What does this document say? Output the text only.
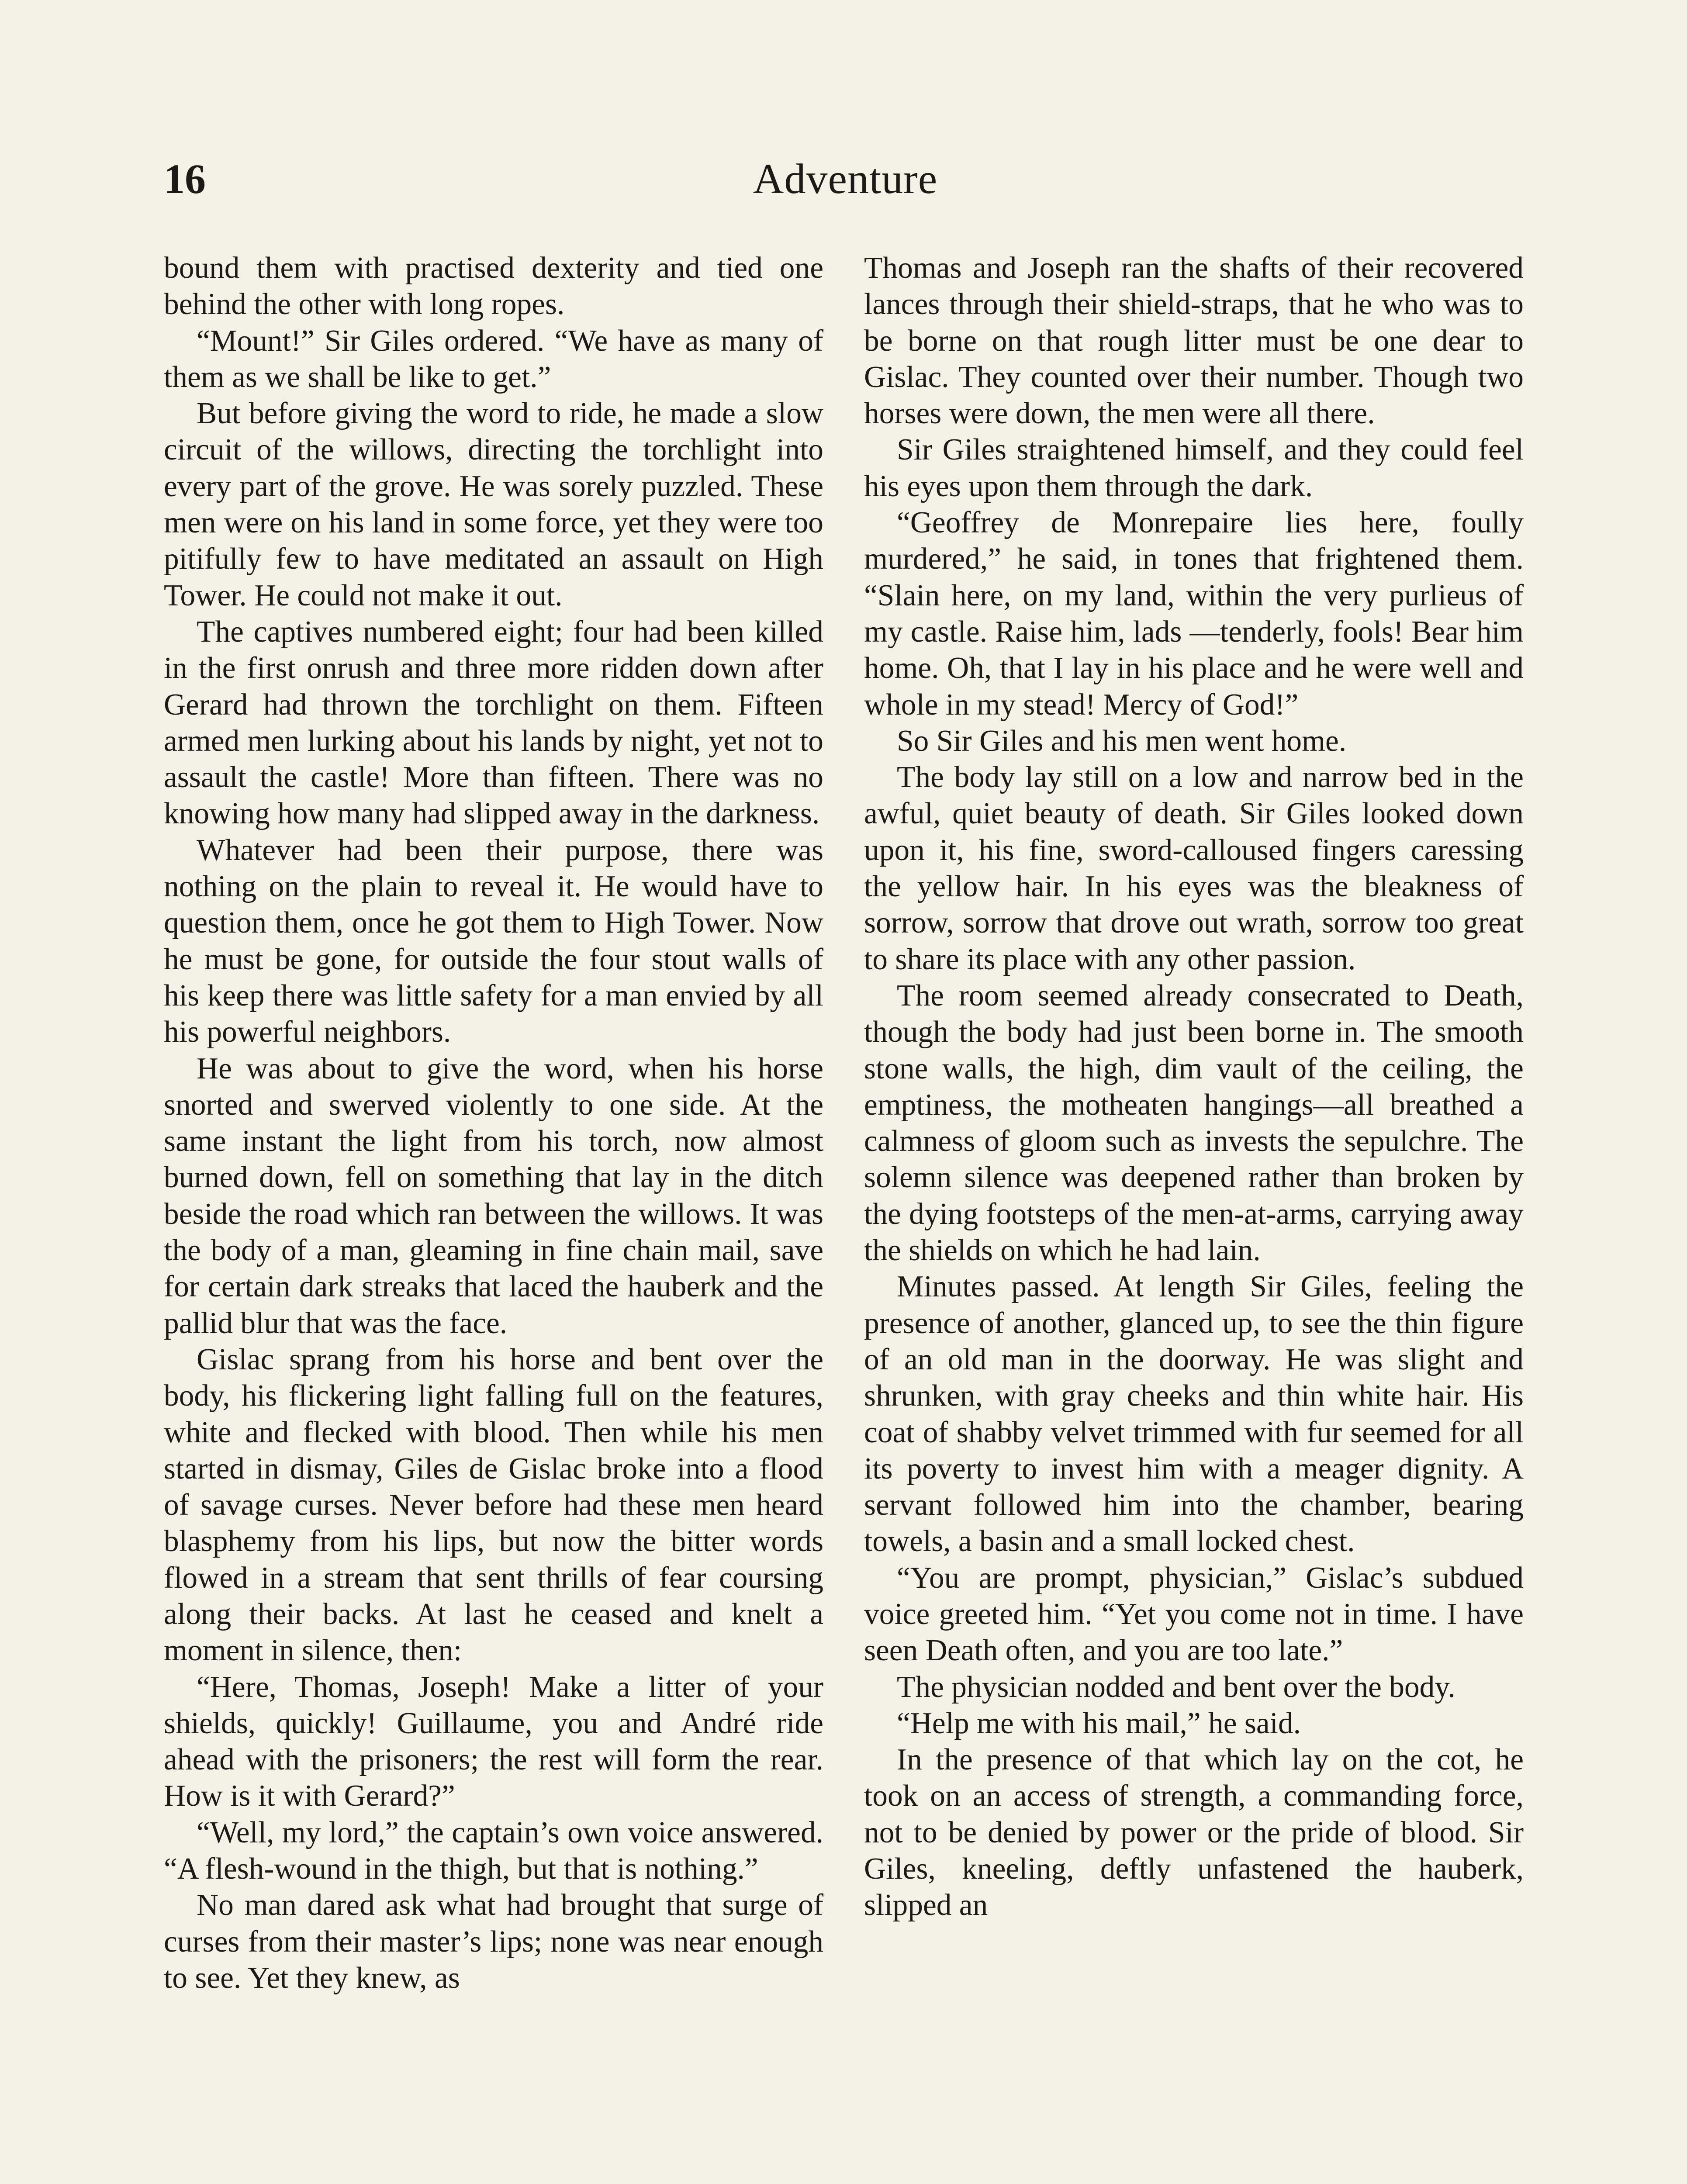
16	Adventure

bound them with practised dexterity and tied one behind the other with long ropes.

“Mount!” Sir Giles ordered. “We have as many of them as we shall be like to get.”

But before giving the word to ride, he made a slow circuit of the willows, directing the torchlight into every part of the grove. He was sorely puzzled. These men were on his land in some force, yet they were too pitifully few to have meditated an assault on High Tower. He could not make it out.

The captives numbered eight; four had been killed in the first onrush and three more ridden down after Gerard had thrown the torchlight on them. Fifteen armed men lurking about his lands by night, yet not to assault the castle! More than fifteen. There was no knowing how many had slipped away in the darkness.

Whatever had been their purpose, there was nothing on the plain to reveal it. He would have to question them, once he got them to High Tower. Now he must be gone, for outside the four stout walls of his keep there was little safety for a man envied by all his powerful neighbors.

He was about to give the word, when his horse snorted and swerved violently to one side. At the same instant the light from his torch, now almost burned down, fell on something that lay in the ditch beside the road which ran between the willows. It was the body of a man, gleaming in fine chain mail, save for certain dark streaks that laced the hauberk and the pallid blur that was the face.

Gislac sprang from his horse and bent over the body, his flickering light falling full on the features, white and flecked with blood. Then while his men started in dismay, Giles de Gislac broke into a flood of savage curses. Never before had these men heard blasphemy from his lips, but now the bitter words flowed in a stream that sent thrills of fear coursing along their backs. At last he ceased and knelt a moment in silence, then:

“Here, Thomas, Joseph! Make a litter of your shields, quickly! Guillaume, you and André ride ahead with the prisoners; the rest will form the rear. How is it with Gerard?”

“Well, my lord,” the captain’s own voice answered. “A flesh-wound in the thigh, but that is nothing.”

No man dared ask what had brought that surge of curses from their master’s lips; none was near enough to see. Yet they knew, as

Thomas and Joseph ran the shafts of their recovered lances through their shield-straps, that he who was to be borne on that rough litter must be one dear to Gislac. They counted over their number. Though two horses were down, the men were all there.

Sir Giles straightened himself, and they could feel his eyes upon them through the dark.

“Geoffrey de Monrepaire lies here, foully murdered,” he said, in tones that frightened them. “Slain here, on my land, within the very purlieus of my castle. Raise him, lads —tenderly, fools! Bear him home. Oh, that I lay in his place and he were well and whole in my stead! Mercy of God!”

So Sir Giles and his men went home.

The body lay still on a low and narrow bed in the awful, quiet beauty of death. Sir Giles looked down upon it, his fine, sword-calloused fingers caressing the yellow hair. In his eyes was the bleakness of sorrow, sorrow that drove out wrath, sorrow too great to share its place with any other passion.

The room seemed already consecrated to Death, though the body had just been borne in. The smooth stone walls, the high, dim vault of the ceiling, the emptiness, the motheaten hangings—all breathed a calmness of gloom such as invests the sepulchre. The solemn silence was deepened rather than broken by the dying footsteps of the men-at-arms, carrying away the shields on which he had lain.

Minutes passed. At length Sir Giles, feeling the presence of another, glanced up, to see the thin figure of an old man in the doorway. He was slight and shrunken, with gray cheeks and thin white hair. His coat of shabby velvet trimmed with fur seemed for all its poverty to invest him with a meager dignity. A servant followed him into the chamber, bearing towels, a basin and a small locked chest.

“You are prompt, physician,” Gislac’s subdued voice greeted him. “Yet you come not in time. I have seen Death often, and you are too late.”

The physician nodded and bent over the body.

“Help me with his mail,” he said.

In the presence of that which lay on the cot, he took on an access of strength, a commanding force, not to be denied by power or the pride of blood. Sir Giles, kneeling, deftly unfastened the hauberk, slipped an
